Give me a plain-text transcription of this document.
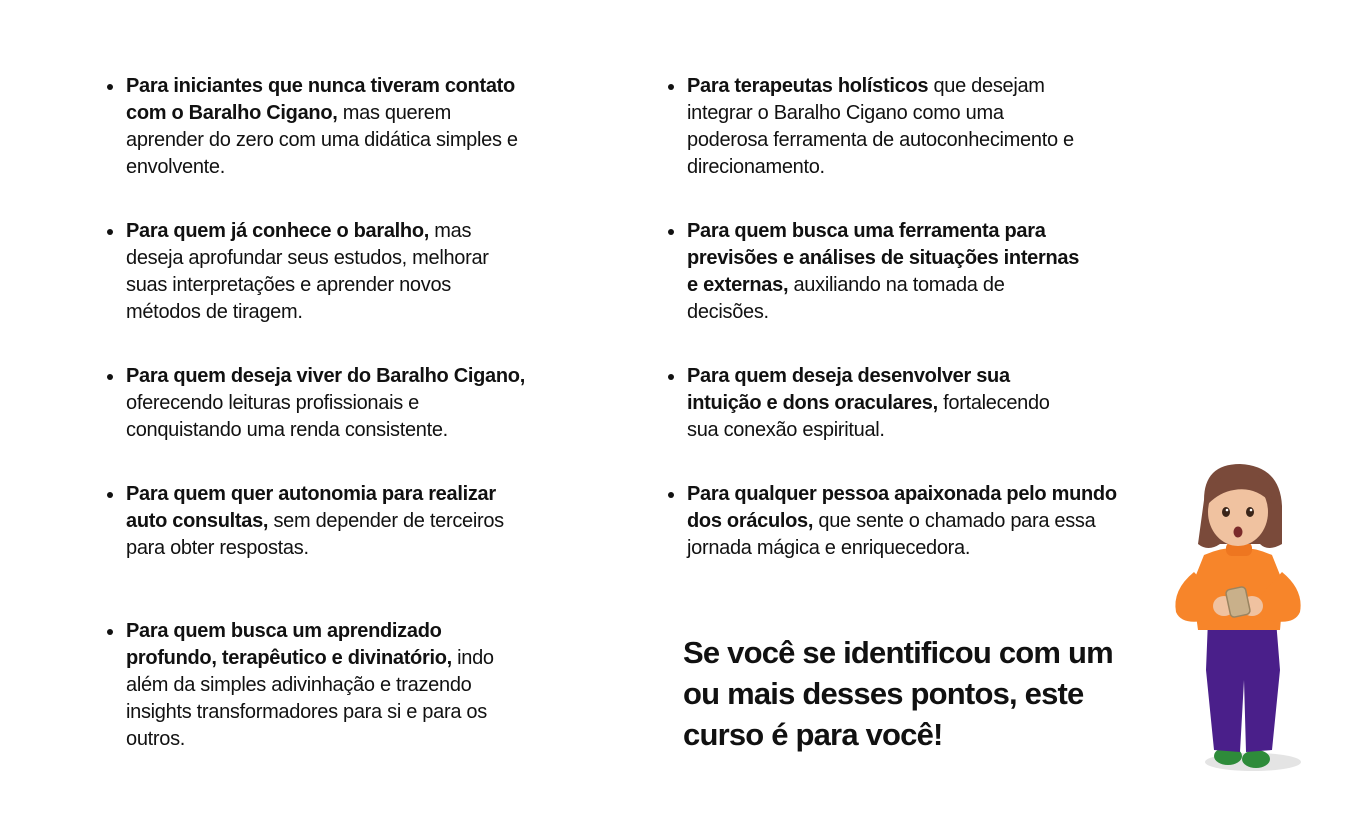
Para iniciantes que nunca tiveram contato com o Baralho Cigano, mas querem aprender do zero com uma didática simples e envolvente.
Para quem já conhece o baralho, mas deseja aprofundar seus estudos, melhorar suas interpretações e aprender novos métodos de tiragem.
Para quem deseja viver do Baralho Cigano, oferecendo leituras profissionais e conquistando uma renda consistente.
Para quem quer autonomia para realizar auto consultas, sem depender de terceiros para obter respostas.
Para quem busca um aprendizado profundo, terapêutico e divinatório, indo além da simples adivinhação e trazendo insights transformadores para si e para os outros.
Para terapeutas holísticos que desejam integrar o Baralho Cigano como uma poderosa ferramenta de autoconhecimento e direcionamento.
Para quem busca uma ferramenta para previsões e análises de situações internas e externas, auxiliando na tomada de decisões.
Para quem deseja desenvolver sua intuição e dons oraculares, fortalecendo sua conexão espiritual.
Para qualquer pessoa apaixonada pelo mundo dos oráculos, que sente o chamado para essa jornada mágica e enriquecedora.

Se você se identificou com um ou mais desses pontos, este curso é para você!
